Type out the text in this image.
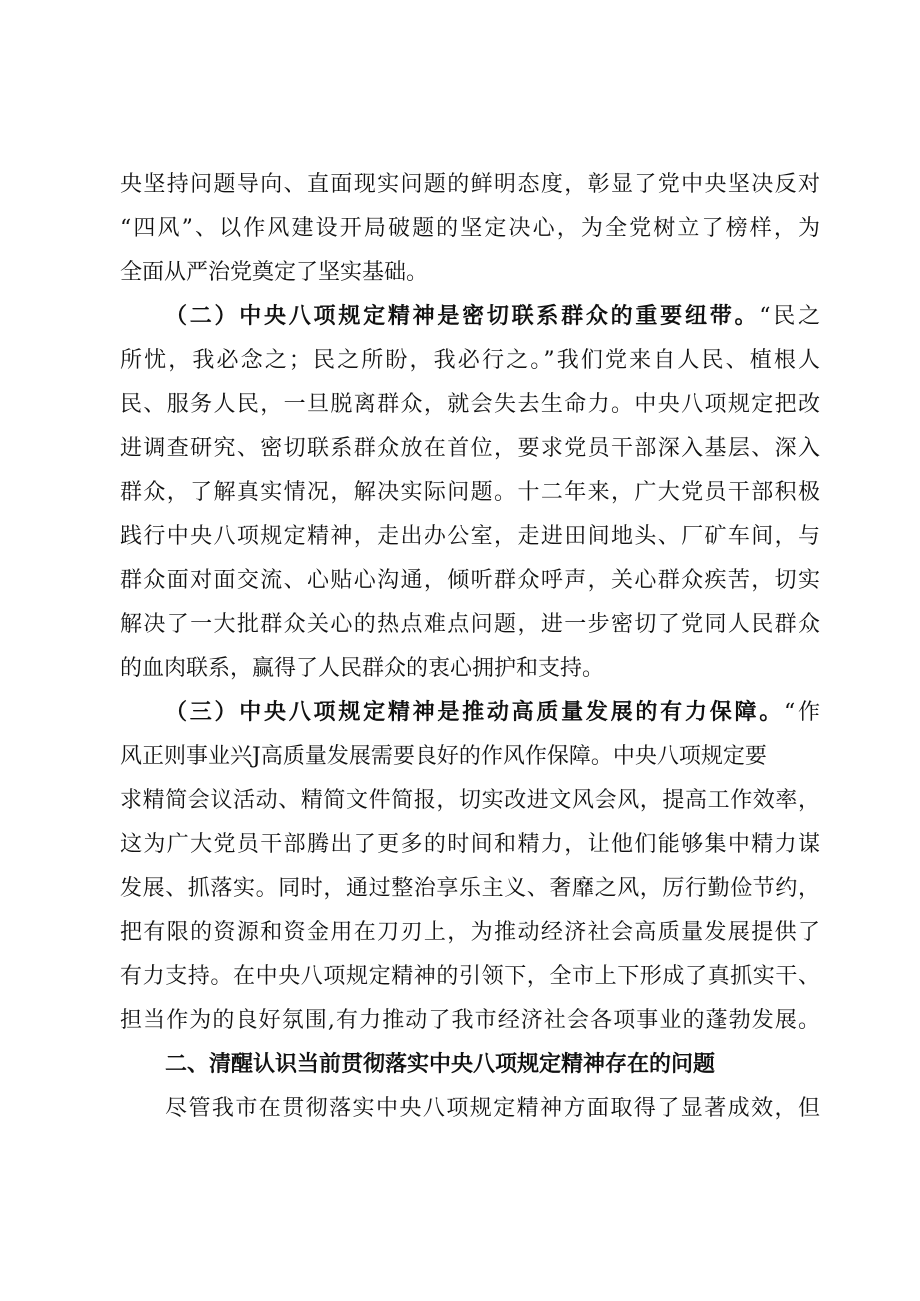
央坚持问题导向、直面现实问题的鲜明态度，彰显了党中央坚决反对
“四风”、以作风建设开局破题的坚定决心，为全党树立了榜样，为
全面从严治党奠定了坚实基础。
（二）中央八项规定精神是密切联系群众的重要纽带。“民之
所忧，我必念之；民之所盼，我必行之。”我们党来自人民、植根人
民、服务人民，一旦脱离群众，就会失去生命力。中央八项规定把改
进调查研究、密切联系群众放在首位，要求党员干部深入基层、深入
群众，了解真实情况，解决实际问题。十二年来，广大党员干部积极
践行中央八项规定精神，走出办公室，走进田间地头、厂矿车间，与
群众面对面交流、心贴心沟通，倾听群众呼声，关心群众疾苦，切实
解决了一大批群众关心的热点难点问题，进一步密切了党同人民群众
的血肉联系，赢得了人民群众的衷心拥护和支持。
（三）中央八项规定精神是推动高质量发展的有力保障。“作
风正则事业兴J高质量发展需要良好的作风作保障。中央八项规定要
求精简会议活动、精简文件简报，切实改进文风会风，提高工作效率，
这为广大党员干部腾出了更多的时间和精力，让他们能够集中精力谋
发展、抓落实。同时，通过整治享乐主义、奢靡之风，厉行勤俭节约，
把有限的资源和资金用在刀刃上，为推动经济社会高质量发展提供了
有力支持。在中央八项规定精神的引领下，全市上下形成了真抓实干、
担当作为的良好氛围,有力推动了我市经济社会各项事业的蓬勃发展。
二、清醒认识当前贯彻落实中央八项规定精神存在的问题
尽管我市在贯彻落实中央八项规定精神方面取得了显著成效，但
